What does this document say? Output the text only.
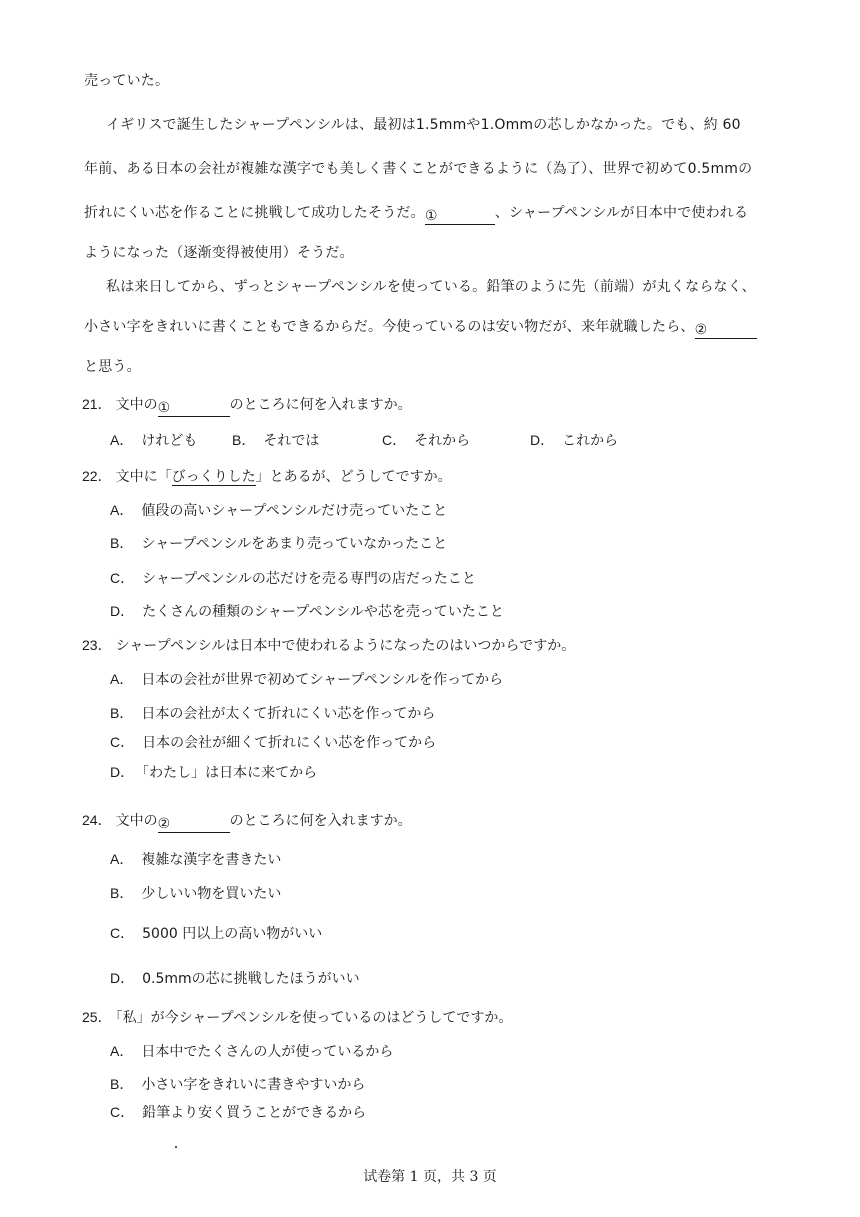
売っていた。
イギリスで誕生したシャープペンシルは、最初は1.5mmや1.Ommの芯しかなかった。でも、約 60
年前、ある日本の会社が複雑な漢字でも美しく書くことができるように（為了）、世界で初めて0.5mmの
折れにくい芯を作ることに挑戦して成功したそうだ。①	、シャープペンシルが日本中で使われる
ようになった（逐渐变得被使用）そうだ。
私は来日してから、ずっとシャープペンシルを使っている。鉛筆のように先（前端）が丸くならなく、
小さい字をきれいに書くこともできるからだ。今使っているのは安い物だが、来年就職したら、②
と思う。
21． 文中の①	のところに何を入れますか。
A． けれども B． それでは	C． それから	D． これから
22． 文中に「びっくりした」とあるが、どうしてですか。
A． 値段の高いシャープペンシルだけ売っていたこと
B． シャープペンシルをあまり売っていなかったこと
C． シャープペンシルの芯だけを売る専門の店だったこと
D． たくさんの種類のシャープペンシルや芯を売っていたこと
23． シャープペンシルは日本中で使われるようになったのはいつからですか。
A． 日本の会社が世界で初めてシャープペンシルを作ってから
B． 日本の会社が太くて折れにくい芯を作ってから
C． 日本の会社が細くて折れにくい芯を作ってから
D． 「わたし」は日本に来てから
24． 文中の②	のところに何を入れますか。
A． 複雑な漢字を書きたい
B． 少しいい物を買いたい
C． 5000 円以上の高い物がいい
D． 0.5mmの芯に挑戦したほうがいい
25． 「私」が今シャープペンシルを使っているのはどうしてですか。
A． 日本中でたくさんの人が使っているから
B． 小さい字をきれいに書きやすいから
C． 鉛筆より安く買うことができるから
试卷第 1 页，共 3 页
